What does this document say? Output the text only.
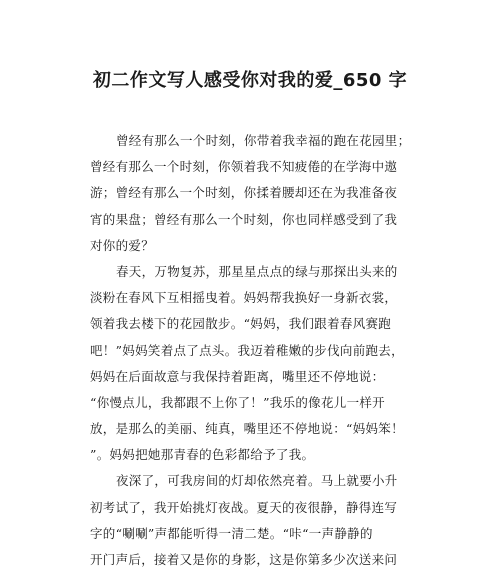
初二作文写人感受你对我的爱_650 字
曾经有那么一个时刻，你带着我幸福的跑在花园里；
曾经有那么一个时刻，你领着我不知疲倦的在学海中遨
游；曾经有那么一个时刻，你揉着腰却还在为我准备夜
宵的果盘；曾经有那么一个时刻，你也同样感受到了我
对你的爱？
春天，万物复苏，那星星点点的绿与那探出头来的
淡粉在春风下互相摇曳着。妈妈帮我换好一身新衣裳，
领着我去楼下的花园散步。“妈妈，我们跟着春风赛跑
吧！”妈妈笑着点了点头。我迈着稚嫩的步伐向前跑去，
妈妈在后面故意与我保持着距离，嘴里还不停地说：
“你慢点儿，我都跟不上你了！”我乐的像花儿一样开
放，是那么的美丽、纯真，嘴里还不停地说：“妈妈笨！
”。妈妈把她那青春的色彩都给予了我。
夜深了，可我房间的灯却依然亮着。马上就要小升
初考试了，我开始挑灯夜战。夏天的夜很静，静得连写
字的“唰唰”声都能听得一清二楚。“咔“一声静静的
开门声后，接着又是你的身影，这是你第多少次送来问
